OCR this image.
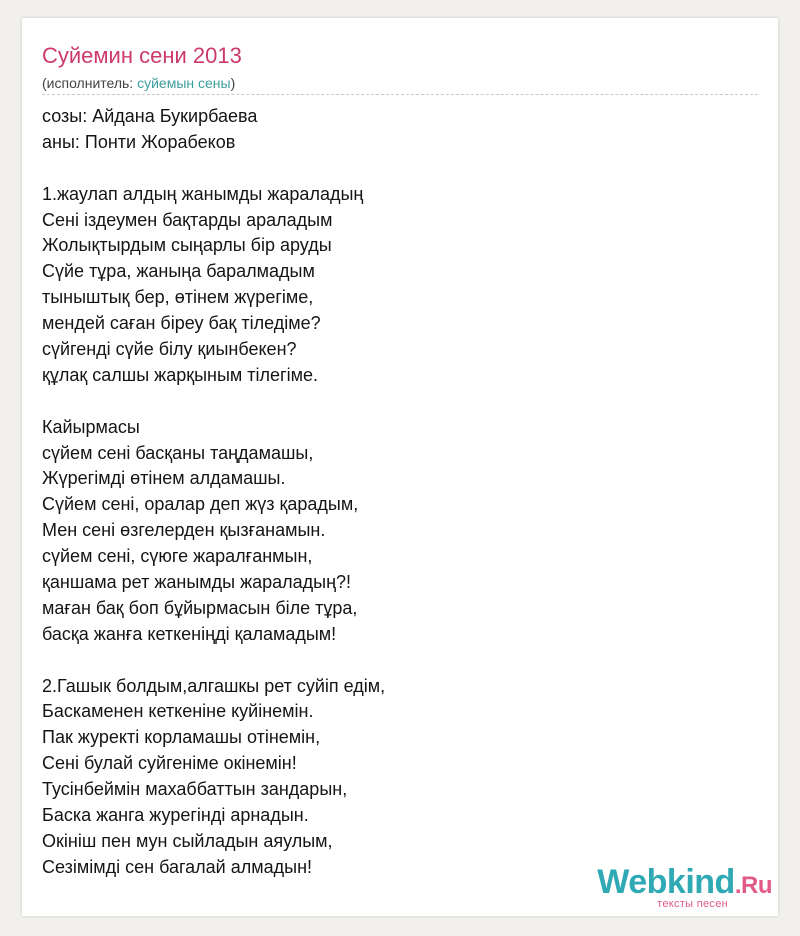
Суйемин сени 2013
(исполнитель: суйемын сены)
созы: Айдана Букирбаева
аны: Понти Жорабеков
1.жаулап алдың жанымды жараладың
Сені іздеумен бақтарды араладым
Жолықтырдым сыңарлы бір аруды
Сүйе тұра, жаныңа баралмадым
тыныштық бер, өтінем жүрегіме,
мендей саған біреу бақ тіледіме?
сүйгенді сүйе білу қиынбекен?
құлақ салшы жарқыным тілегіме.
Кайырмасы
сүйем сені басқаны таңдамашы,
Жүрегімді өтінем алдамашы.
Сүйем сені, оралар деп жүз қарадым,
Мен сені өзгелерден қызғанамын.
сүйем сені, сүюге жаралғанмын,
қаншама рет жанымды жараладың?!
маған бақ боп бұйырмасын біле тұра,
басқа жанға кеткеніңді қаламадым!
2.Гашык болдым,алгашкы рет суйіп едім,
Баскаменен кеткеніне куйінемін.
Пак журекті корламашы отінемін,
Сені булай суйгеніме окінемін!
Тусінбеймін махаббаттын зандарын,
Баска жанга журегінді арнадын.
Окініш пен мун сыйладын аяулым,
Сезімімді сен багалай алмадын!	Webkind.Ru
тексты песен
